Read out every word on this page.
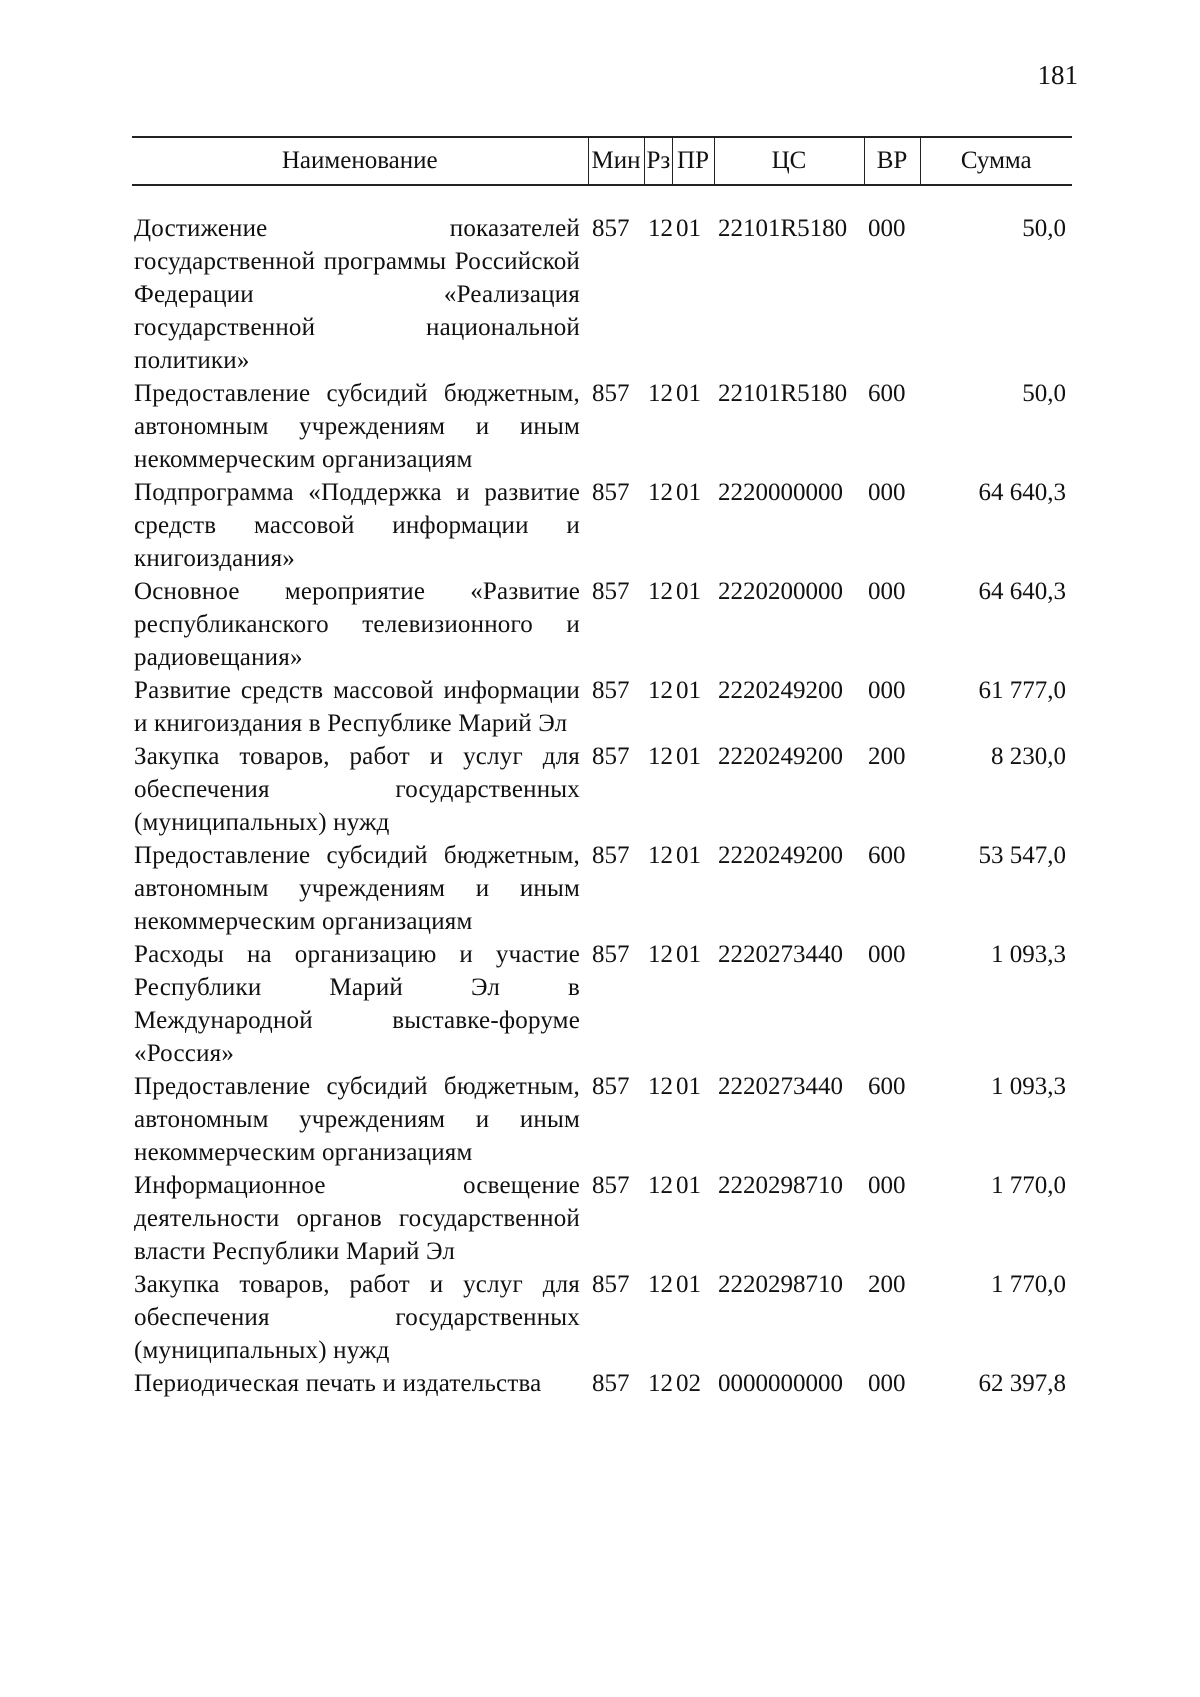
181
Наименование	Мин	Рз	ПР	ЦС	ВР	Сумма

Достижение показателей государственной программы Российской Федерации «Реализация государственной национальной политики»	857	12	01	22101R5180	000	50,0
Предоставление субсидий бюджетным, автономным учреждениям и иным некоммерческим организациям	857	12	01	22101R5180	600	50,0
Подпрограмма «Поддержка и развитие средств массовой информации и книгоиздания»	857	12	01	2220000000	000	64 640,3
Основное мероприятие «Развитие республиканского телевизионного и радиовещания»	857	12	01	2220200000	000	64 640,3
Развитие средств массовой информации и книгоиздания в Республике Марий Эл	857	12	01	2220249200	000	61 777,0
Закупка товаров, работ и услуг для обеспечения государственных (муниципальных) нужд	857	12	01	2220249200	200	8 230,0
Предоставление субсидий бюджетным, автономным учреждениям и иным некоммерческим организациям	857	12	01	2220249200	600	53 547,0
Расходы на организацию и участие Республики Марий Эл в Международной выставке-форуме «Россия»	857	12	01	2220273440	000	1 093,3
Предоставление субсидий бюджетным, автономным учреждениям и иным некоммерческим организациям	857	12	01	2220273440	600	1 093,3
Информационное освещение деятельности органов государственной власти Республики Марий Эл	857	12	01	2220298710	000	1 770,0
Закупка товаров, работ и услуг для обеспечения государственных (муниципальных) нужд	857	12	01	2220298710	200	1 770,0
Периодическая печать и издательства	857	12	02	0000000000	000	62 397,8
